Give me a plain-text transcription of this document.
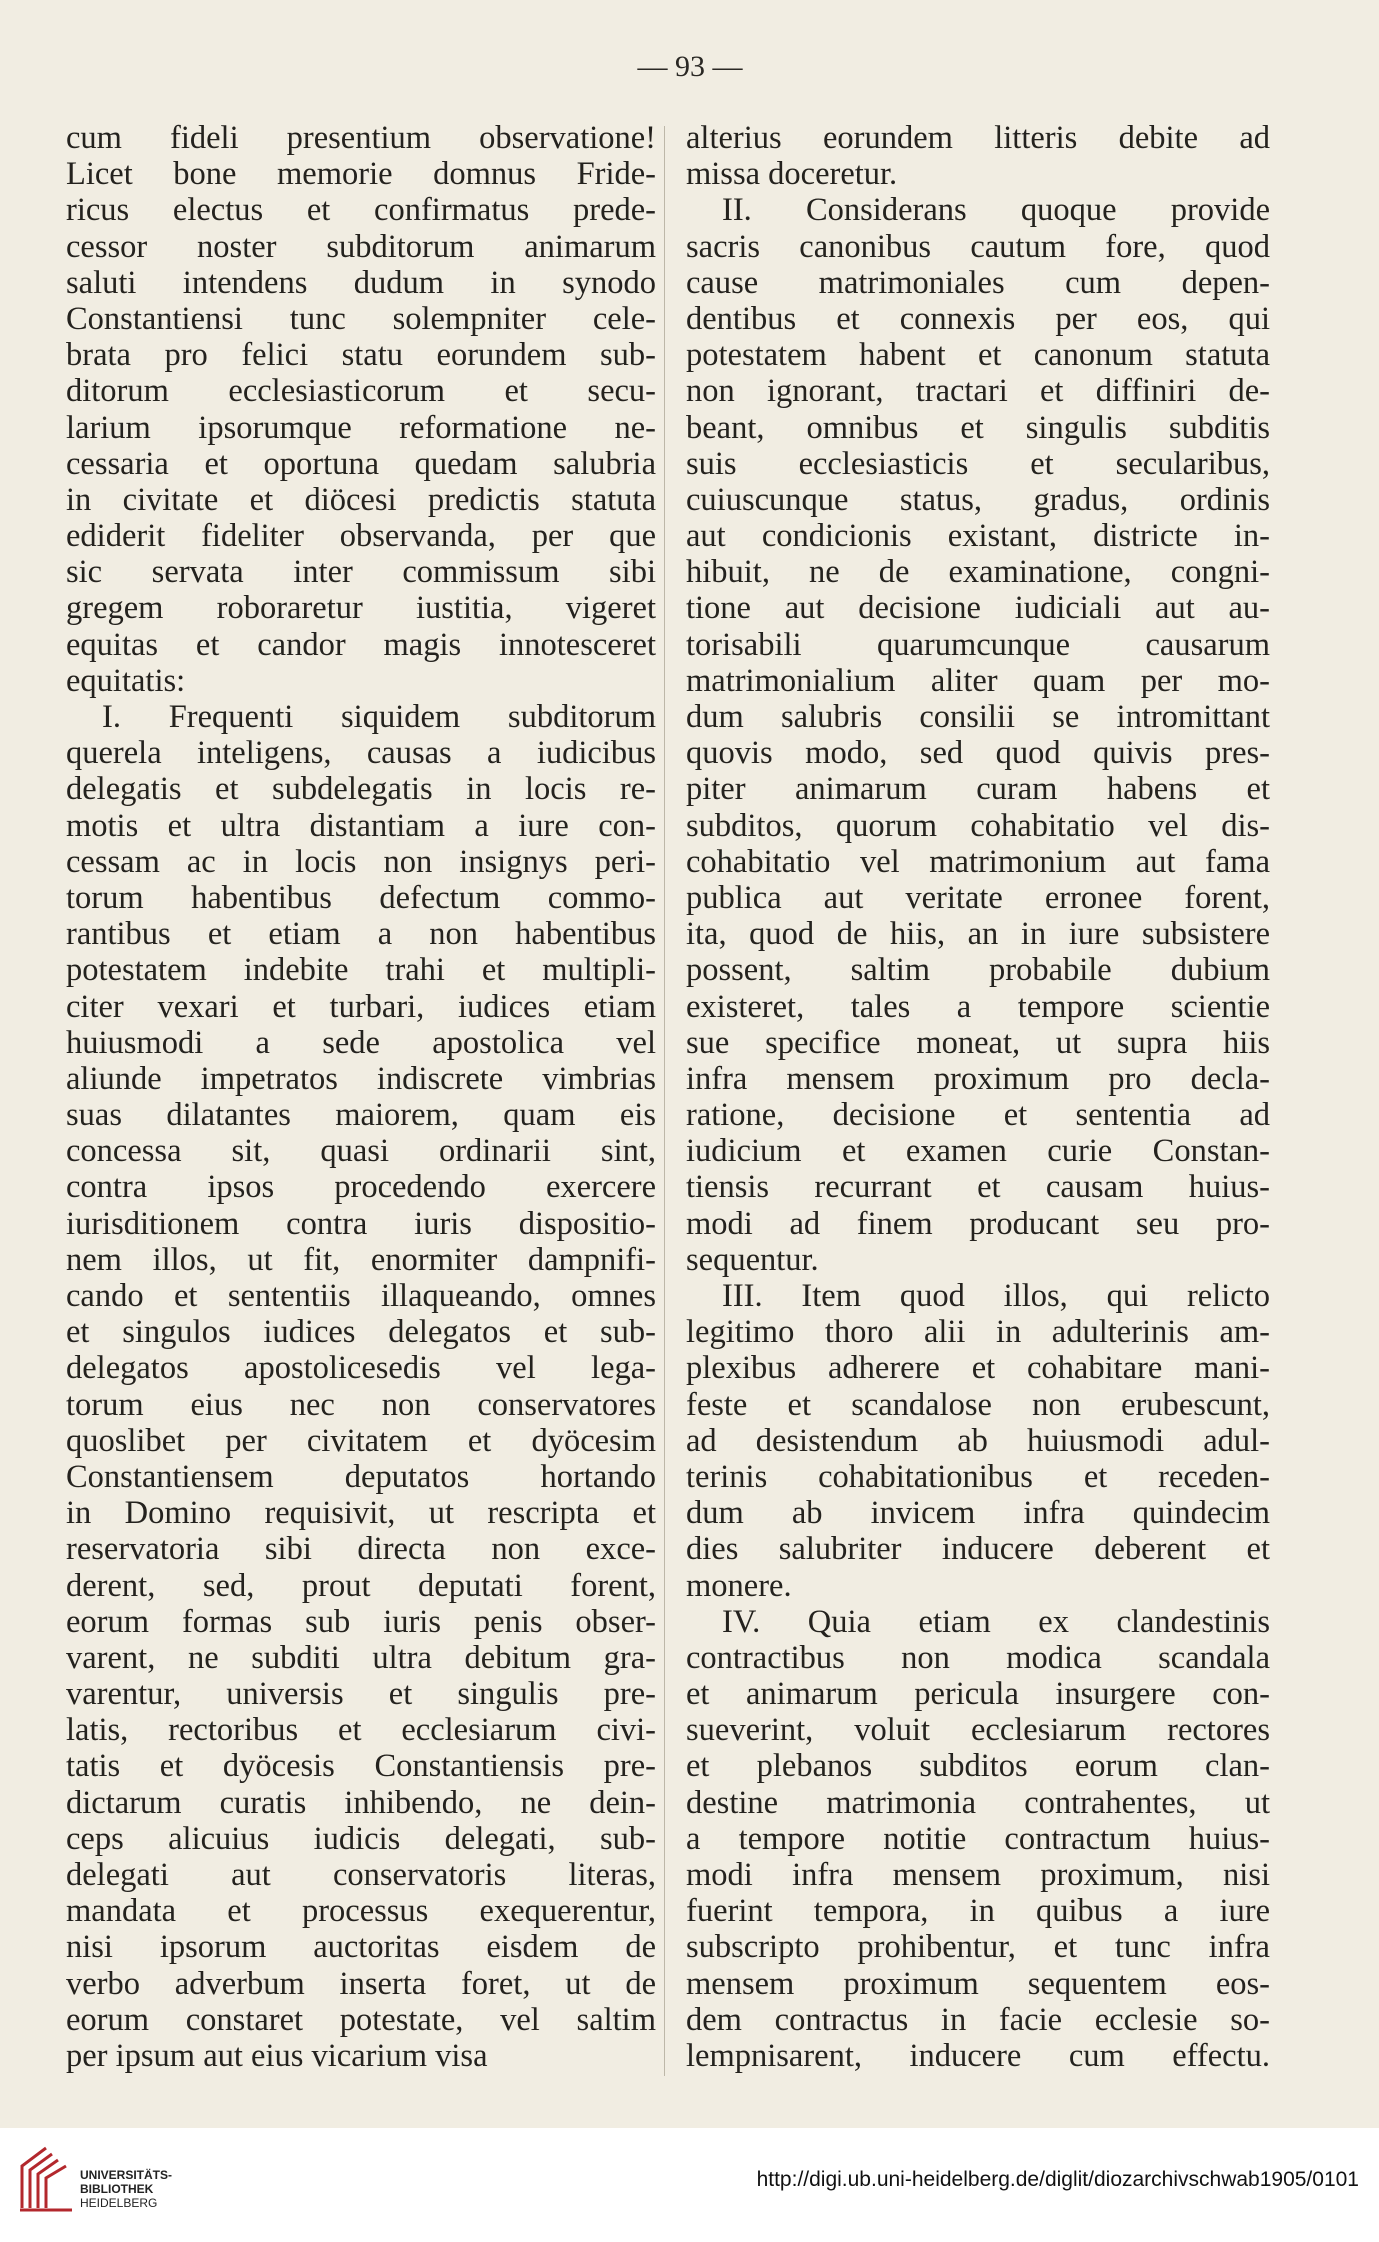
— 93 —
cum fideli presentium observatione!
Licet bone memorie domnus Fride-
ricus electus et confirmatus prede-
cessor noster subditorum animarum
saluti intendens dudum in synodo
Constantiensi tunc solempniter cele-
brata pro felici statu eorundem sub-
ditorum ecclesiasticorum et secu-
larium ipsorumque reformatione ne-
cessaria et oportuna quedam salubria
in civitate et diöcesi predictis statuta
ediderit fideliter observanda, per que
sic servata inter commissum sibi
gregem roboraretur iustitia, vigeret
equitas et candor magis innotesceret
equitatis:
I. Frequenti siquidem subditorum
querela inteligens, causas a iudicibus
delegatis et subdelegatis in locis re-
motis et ultra distantiam a iure con-
cessam ac in locis non insignys peri-
torum habentibus defectum commo-
rantibus et etiam a non habentibus
potestatem indebite trahi et multipli-
citer vexari et turbari, iudices etiam
huiusmodi a sede apostolica vel
aliunde impetratos indiscrete vimbrias
suas dilatantes maiorem, quam eis
concessa sit, quasi ordinarii sint,
contra ipsos procedendo exercere
iurisditionem contra iuris dispositio-
nem illos, ut fit, enormiter dampnifi-
cando et sententiis illaqueando, omnes
et singulos iudices delegatos et sub-
delegatos apostolicesedis vel lega-
torum eius nec non conservatores
quoslibet per civitatem et dyöcesim
Constantiensem deputatos hortando
in Domino requisivit, ut rescripta et
reservatoria sibi directa non exce-
derent, sed, prout deputati forent,
eorum formas sub iuris penis obser-
varent, ne subditi ultra debitum gra-
varentur, universis et singulis pre-
latis, rectoribus et ecclesiarum civi-
tatis et dyöcesis Constantiensis pre-
dictarum curatis inhibendo, ne dein-
ceps alicuius iudicis delegati, sub-
delegati aut conservatoris literas,
mandata et processus exequerentur,
nisi ipsorum auctoritas eisdem de
verbo adverbum inserta foret, ut de
eorum constaret potestate, vel saltim
per ipsum aut eius vicarium visa
alterius eorundem litteris debite ad
missa doceretur.
II. Considerans quoque provide
sacris canonibus cautum fore, quod
cause matrimoniales cum depen-
dentibus et connexis per eos, qui
potestatem habent et canonum statuta
non ignorant, tractari et diffiniri de-
beant, omnibus et singulis subditis
suis ecclesiasticis et secularibus,
cuiuscunque status, gradus, ordinis
aut condicionis existant, districte in-
hibuit, ne de examinatione, congni-
tione aut decisione iudiciali aut au-
torisabili quarumcunque causarum
matrimonialium aliter quam per mo-
dum salubris consilii se intromittant
quovis modo, sed quod quivis pres-
piter animarum curam habens et
subditos, quorum cohabitatio vel dis-
cohabitatio vel matrimonium aut fama
publica aut veritate erronee forent,
ita, quod de hiis, an in iure subsistere
possent, saltim probabile dubium
existeret, tales a tempore scientie
sue specifice moneat, ut supra hiis
infra mensem proximum pro decla-
ratione, decisione et sententia ad
iudicium et examen curie Constan-
tiensis recurrant et causam huius-
modi ad finem producant seu pro-
sequentur.
III. Item quod illos, qui relicto
legitimo thoro alii in adulterinis am-
plexibus adherere et cohabitare mani-
feste et scandalose non erubescunt,
ad desistendum ab huiusmodi adul-
terinis cohabitationibus et receden-
dum ab invicem infra quindecim
dies salubriter inducere deberent et
monere.
IV. Quia etiam ex clandestinis
contractibus non modica scandala
et animarum pericula insurgere con-
sueverint, voluit ecclesiarum rectores
et plebanos subditos eorum clan-
destine matrimonia contrahentes, ut
a tempore notitie contractum huius-
modi infra mensem proximum, nisi
fuerint tempora, in quibus a iure
subscripto prohibentur, et tunc infra
mensem proximum sequentem eos-
dem contractus in facie ecclesie so-
lempnisarent, inducere cum effectu.
UNIVERSITÄTS-
BIBLIOTHEK
HEIDELBERG
http://digi.ub.uni-heidelberg.de/diglit/diozarchivschwab1905/0101
